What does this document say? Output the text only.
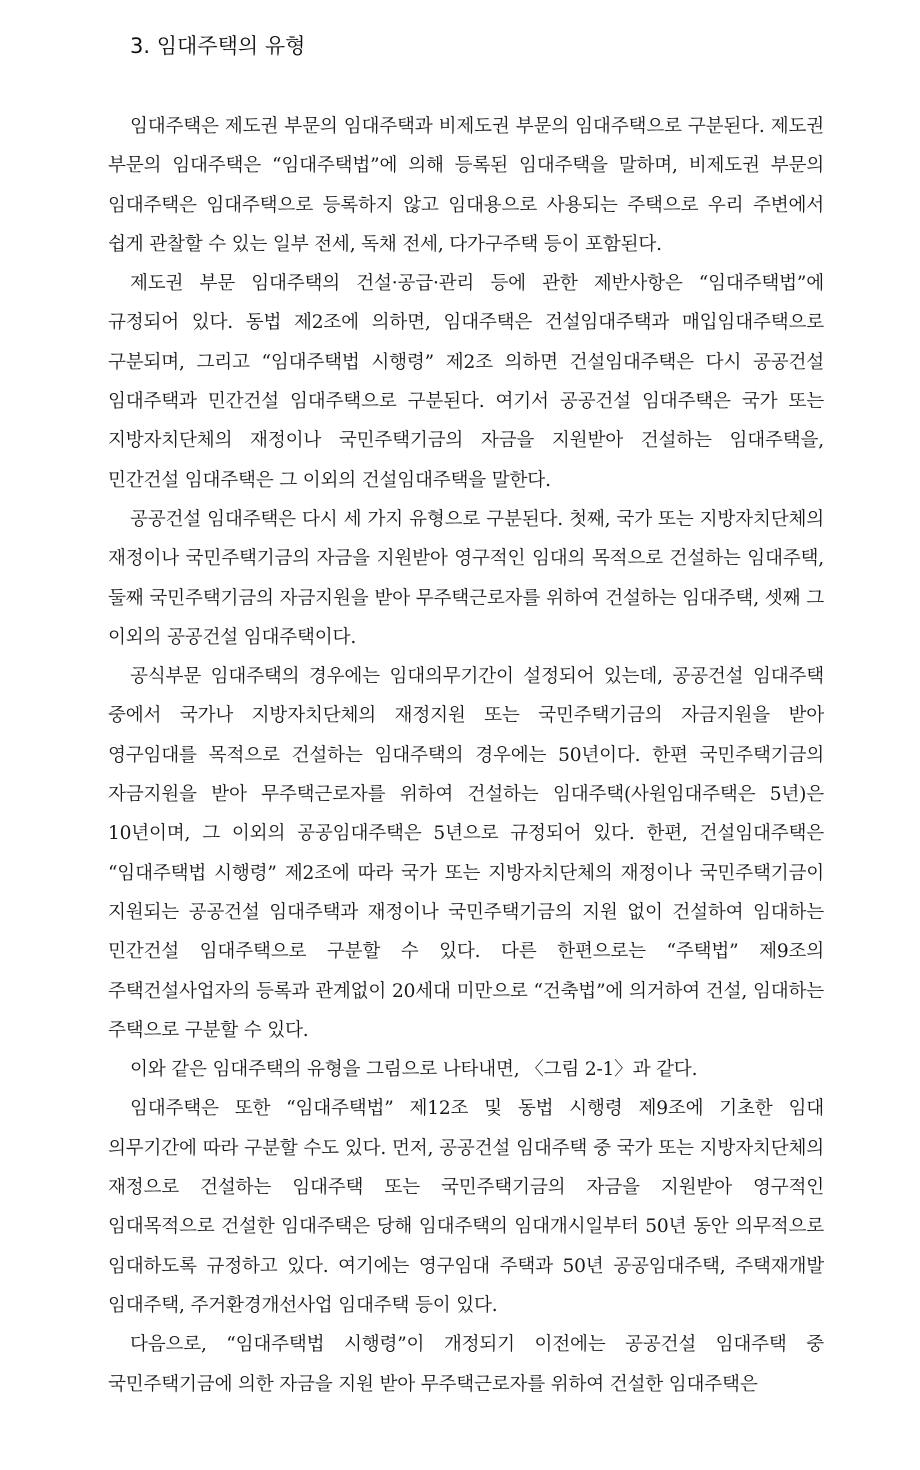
3. 임대주택의 유형

임대주택은 제도권 부문의 임대주택과 비제도권 부문의 임대주택으로 구분된다. 제도권 부문의 임대주택은 “임대주택법”에 의해 등록된 임대주택을 말하며, 비제도권 부문의 임대주택은 임대주택으로 등록하지 않고 임대용으로 사용되는 주택으로 우리 주변에서 쉽게 관찰할 수 있는 일부 전세, 독채 전세, 다가구주택 등이 포함된다.

제도권 부문 임대주택의 건설·공급·관리 등에 관한 제반사항은 “임대주택법”에 규정되어 있다. 동법 제2조에 의하면, 임대주택은 건설임대주택과 매입임대주택으로 구분되며, 그리고 “임대주택법 시행령” 제2조 의하면 건설임대주택은 다시 공공건설 임대주택과 민간건설 임대주택으로 구분된다. 여기서 공공건설 임대주택은 국가 또는 지방자치단체의 재정이나 국민주택기금의 자금을 지원받아 건설하는 임대주택을, 민간건설 임대주택은 그 이외의 건설임대주택을 말한다.

공공건설 임대주택은 다시 세 가지 유형으로 구분된다. 첫째, 국가 또는 지방자치단체의 재정이나 국민주택기금의 자금을 지원받아 영구적인 임대의 목적으로 건설하는 임대주택, 둘째 국민주택기금의 자금지원을 받아 무주택근로자를 위하여 건설하는 임대주택, 셋째 그 이외의 공공건설 임대주택이다.

공식부문 임대주택의 경우에는 임대의무기간이 설정되어 있는데, 공공건설 임대주택 중에서 국가나 지방자치단체의 재정지원 또는 국민주택기금의 자금지원을 받아 영구임대를 목적으로 건설하는 임대주택의 경우에는 50년이다. 한편 국민주택기금의 자금지원을 받아 무주택근로자를 위하여 건설하는 임대주택(사원임대주택은 5년)은 10년이며, 그 이외의 공공임대주택은 5년으로 규정되어 있다. 한편, 건설임대주택은 “임대주택법 시행령” 제2조에 따라 국가 또는 지방자치단체의 재정이나 국민주택기금이 지원되는 공공건설 임대주택과 재정이나 국민주택기금의 지원 없이 건설하여 임대하는 민간건설 임대주택으로 구분할 수 있다. 다른 한편으로는 “주택법” 제9조의 주택건설사업자의 등록과 관계없이 20세대 미만으로 “건축법”에 의거하여 건설, 임대하는 주택으로 구분할 수 있다.

이와 같은 임대주택의 유형을 그림으로 나타내면, 〈그림 2-1〉과 같다.

임대주택은 또한 “임대주택법” 제12조 및 동법 시행령 제9조에 기초한 임대 의무기간에 따라 구분할 수도 있다. 먼저, 공공건설 임대주택 중 국가 또는 지방자치단체의 재정으로 건설하는 임대주택 또는 국민주택기금의 자금을 지원받아 영구적인 임대목적으로 건설한 임대주택은 당해 임대주택의 임대개시일부터 50년 동안 의무적으로 임대하도록 규정하고 있다. 여기에는 영구임대 주택과 50년 공공임대주택, 주택재개발 임대주택, 주거환경개선사업 임대주택 등이 있다.

다음으로, “임대주택법 시행령”이 개정되기 이전에는 공공건설 임대주택 중 국민주택기금에 의한 자금을 지원 받아 무주택근로자를 위하여 건설한 임대주택은
